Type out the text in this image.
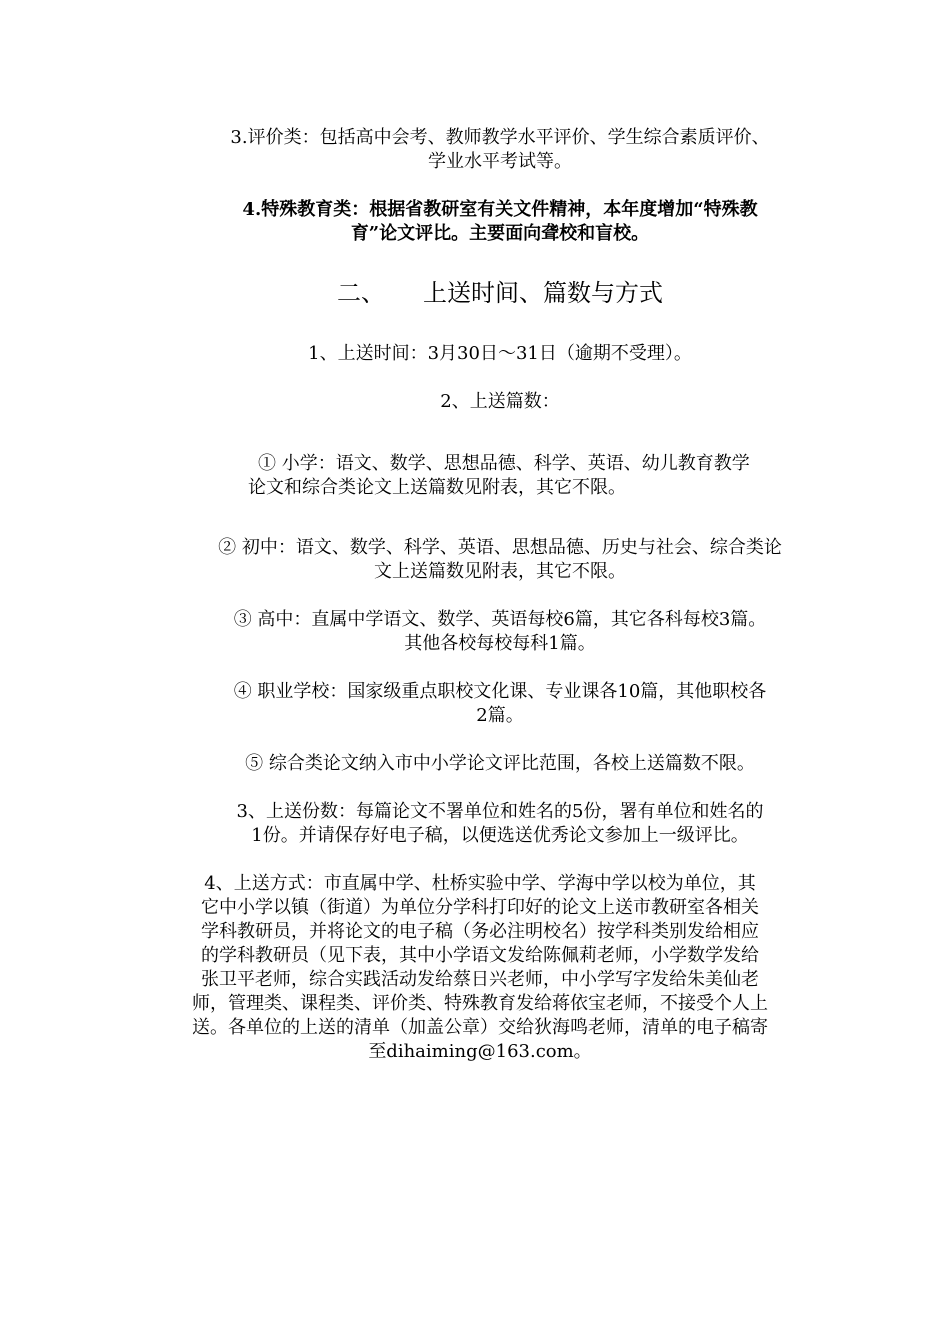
3.评价类：包括高中会考、教师教学水平评价、学生综合素质评价、
学业水平考试等。
4.特殊教育类：根据省教研室有关文件精神，本年度增加“特殊教
育”论文评比。主要面向聋校和盲校。
二、 上送时间、篇数与方式
1、上送时间：3月30日～31日（逾期不受理）。
2、上送篇数：
① 小学：语文、数学、思想品德、科学、英语、幼儿教育教学
论文和综合类论文上送篇数见附表，其它不限。
② 初中：语文、数学、科学、英语、思想品德、历史与社会、综合类论
文上送篇数见附表，其它不限。
③ 高中：直属中学语文、数学、英语每校6篇，其它各科每校3篇。
其他各校每校每科1篇。
④ 职业学校：国家级重点职校文化课、专业课各10篇，其他职校各
2篇。
⑤ 综合类论文纳入市中小学论文评比范围，各校上送篇数不限。
3、上送份数：每篇论文不署单位和姓名的5份，署有单位和姓名的
1份。并请保存好电子稿，以便选送优秀论文参加上一级评比。
4、上送方式：市直属中学、杜桥实验中学、学海中学以校为单位，其
它中小学以镇（街道）为单位分学科打印好的论文上送市教研室各相关
学科教研员，并将论文的电子稿（务必注明校名）按学科类别发给相应
的学科教研员（见下表，其中小学语文发给陈佩莉老师，小学数学发给
张卫平老师，综合实践活动发给蔡日兴老师，中小学写字发给朱美仙老
师，管理类、课程类、评价类、特殊教育发给蒋依宝老师，不接受个人上
送。各单位的上送的清单（加盖公章）交给狄海鸣老师，清单的电子稿寄
至dihaiming@163.com。
